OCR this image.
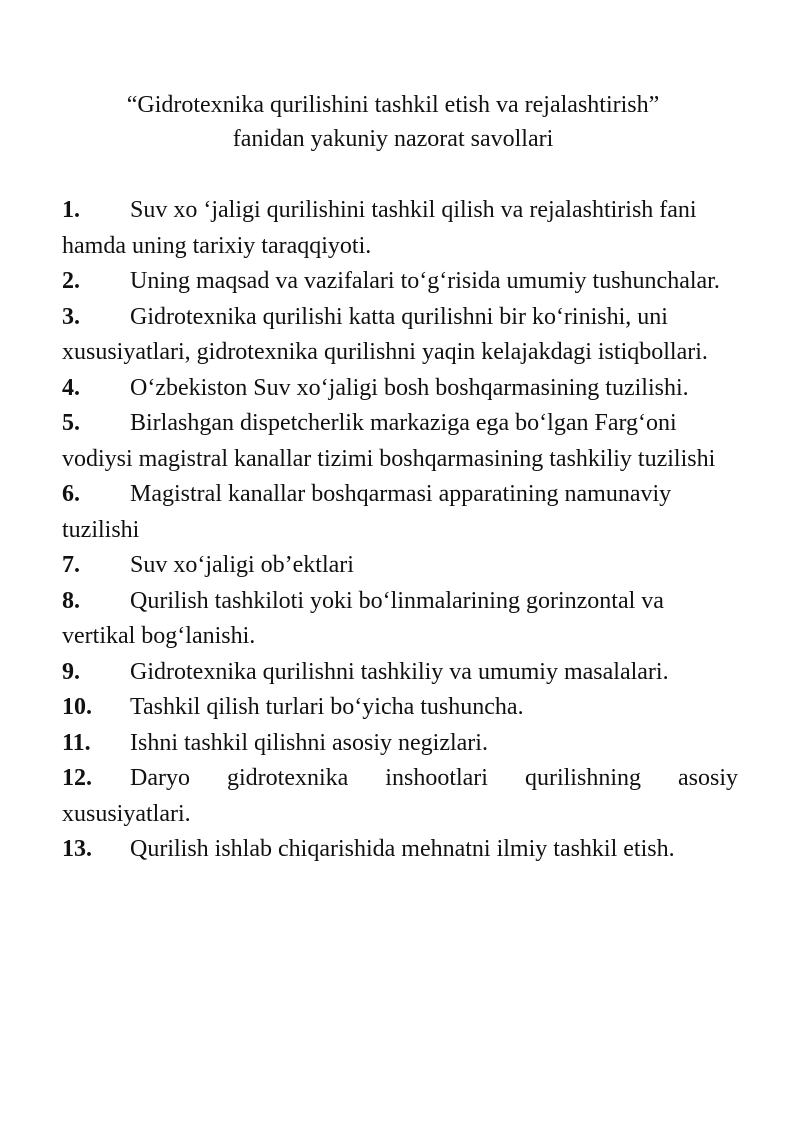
“Gidrotexnika qurilishini tashkil etish va rejalashtirish”
fanidan yakuniy nazorat savollari
1. Suv xo ‘jaligi qurilishini tashkil qilish va rejalashtirish fani hamda uning tarixiy taraqqiyoti.
2. Uning maqsad va vazifalari to‘g‘risida umumiy tushunchalar.
3. Gidrotexnika qurilishi katta qurilishni bir ko‘rinishi, uni xususiyatlari, gidrotexnika qurilishni yaqin kelajakdagi istiqbollari.
4. O‘zbekiston Suv xo‘jaligi bosh boshqarmasining tuzilishi.
5. Birlashgan dispetcherlik markaziga ega bo‘lgan Farg‘oni vodiysi magistral kanallar tizimi boshqarmasining tashkiliy tuzilishi
6. Magistral kanallar boshqarmasi apparatining namunaviy tuzilishi
7. Suv xo‘jaligi ob’ektlari
8. Qurilish tashkiloti yoki bo‘linmalarining gorinzontal va vertikal bog‘lanishi.
9. Gidrotexnika qurilishni tashkiliy va umumiy masalalari.
10. Tashkil qilish turlari bo‘yicha tushuncha.
11. Ishni tashkil qilishni asosiy negizlari.
12. Daryo gidrotexnika inshootlari qurilishning asosiy xususiyatlari.
13. Qurilish ishlab chiqarishida mehnatni ilmiy tashkil etish.
